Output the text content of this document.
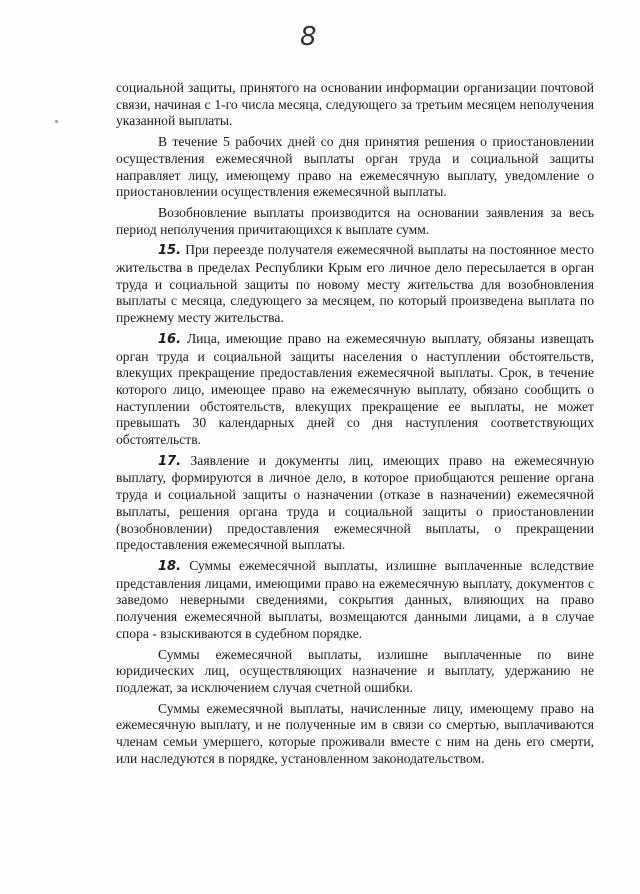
8

социальной защиты, принятого на основании информации организации почтовой связи, начиная с 1-го числа месяца, следующего за третьим месяцем неполучения указанной выплаты.

В течение 5 рабочих дней со дня принятия решения о приостановлении осуществления ежемесячной выплаты орган труда и социальной защиты направляет лицу, имеющему право на ежемесячную выплату, уведомление о приостановлении осуществления ежемесячной выплаты.

Возобновление выплаты производится на основании заявления за весь период неполучения причитающихся к выплате сумм.

15. При переезде получателя ежемесячной выплаты на постоянное место жительства в пределах Республики Крым его личное дело пересылается в орган труда и социальной защиты по новому месту жительства для возобновления выплаты с месяца, следующего за месяцем, по который произведена выплата по прежнему месту жительства.

16. Лица, имеющие право на ежемесячную выплату, обязаны извещать орган труда и социальной защиты населения о наступлении обстоятельств, влекущих прекращение предоставления ежемесячной выплаты. Срок, в течение которого лицо, имеющее право на ежемесячную выплату, обязано сообщить о наступлении обстоятельств, влекущих прекращение ее выплаты, не может превышать 30 календарных дней со дня наступления соответствующих обстоятельств.

17. Заявление и документы лиц, имеющих право на ежемесячную выплату, формируются в личное дело, в которое приобщаются решение органа труда и социальной защиты о назначении (отказе в назначении) ежемесячной выплаты, решения органа труда и социальной защиты о приостановлении (возобновлении) предоставления ежемесячной выплаты, о прекращении предоставления ежемесячной выплаты.

18. Суммы ежемесячной выплаты, излишне выплаченные вследствие представления лицами, имеющими право на ежемесячную выплату, документов с заведомо неверными сведениями, сокрытия данных, влияющих на право получения ежемесячной выплаты, возмещаются данными лицами, а в случае спора - взыскиваются в судебном порядке.

Суммы ежемесячной выплаты, излишне выплаченные по вине юридических лиц, осуществляющих назначение и выплату, удержанию не подлежат, за исключением случая счетной ошибки.

Суммы ежемесячной выплаты, начисленные лицу, имеющему право на ежемесячную выплату, и не полученные им в связи со смертью, выплачиваются членам семьи умершего, которые проживали вместе с ним на день его смерти, или наследуются в порядке, установленном законодательством.
